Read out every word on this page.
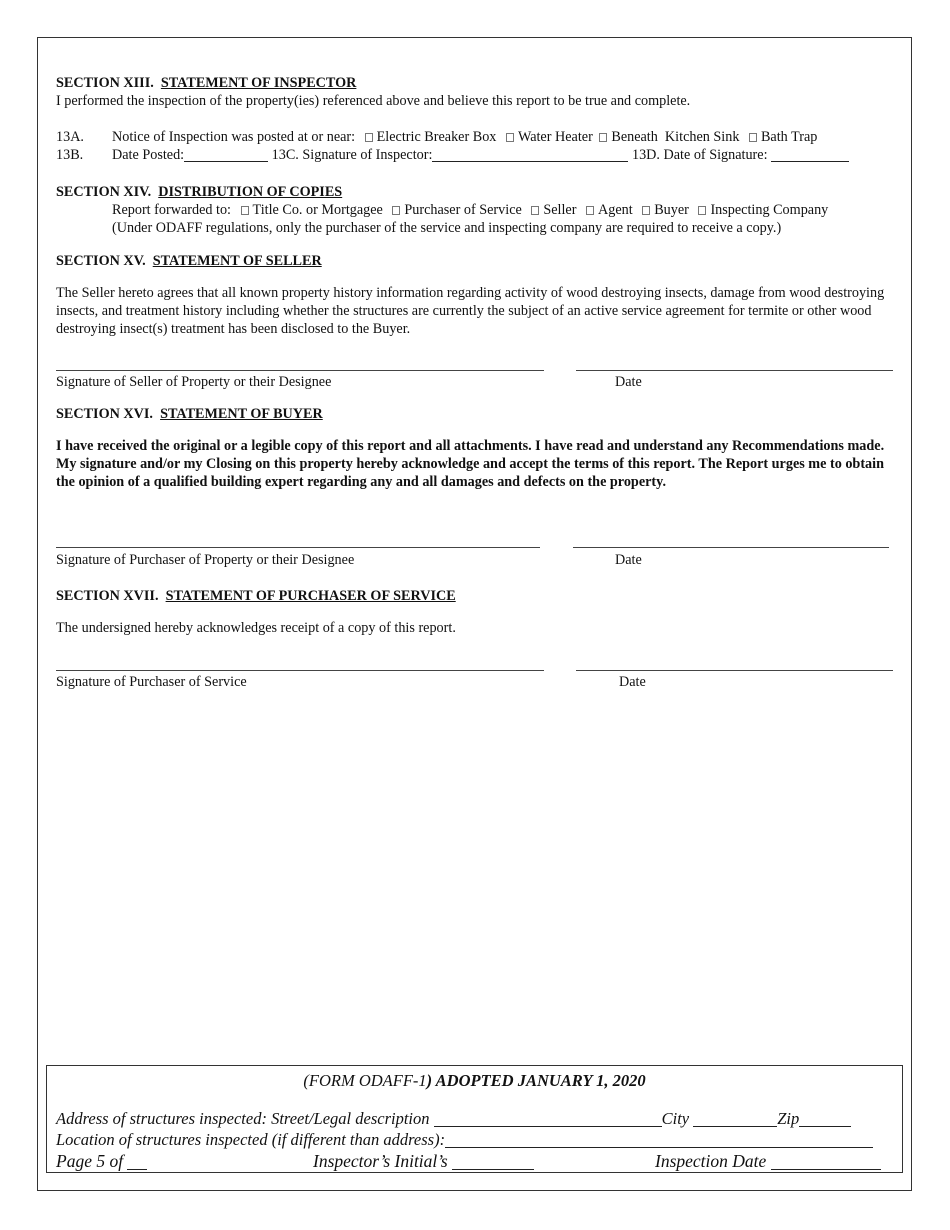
SECTION XIII. STATEMENT OF INSPECTOR
I performed the inspection of the property(ies) referenced above and believe this report to be true and complete.
13A. Notice of Inspection was posted at or near: Electric Breaker Box Water Heater Beneath  Kitchen Sink Bath Trap
13B. Date Posted:	13C. Signature of Inspector:	13D. Date of Signature:
SECTION XIV. DISTRIBUTION OF COPIES
Report forwarded to: Title Co. or Mortgagee Purchaser of Service Seller Agent Buyer Inspecting Company
(Under ODAFF regulations, only the purchaser of the service and inspecting company are required to receive a copy.)
SECTION XV. STATEMENT OF SELLER
The Seller hereto agrees that all known property history information regarding activity of wood destroying insects, damage from wood destroying insects, and treatment history including whether the structures are currently the subject of an active service agreement for termite or other wood destroying insect(s) treatment has been disclosed to the Buyer.
Signature of Seller of Property or their Designee	Date
SECTION XVI. STATEMENT OF BUYER
I have received the original or a legible copy of this report and all attachments. I have read and understand any Recommendations made. My signature and/or my Closing on this property hereby acknowledge and accept the terms of this report. The Report urges me to obtain the opinion of a qualified building expert regarding any and all damages and defects on the property.
Signature of Purchaser of Property or their Designee	Date
SECTION XVII. STATEMENT OF PURCHASER OF SERVICE
The undersigned hereby acknowledges receipt of a copy of this report.
Signature of Purchaser of Service	Date
(FORM ODAFF-1) ADOPTED JANUARY 1, 2020
Address of structures inspected: Street/Legal description	City	Zip
Location of structures inspected (if different than address):
Page 5 of	Inspector’s Initial’s	Inspection Date
